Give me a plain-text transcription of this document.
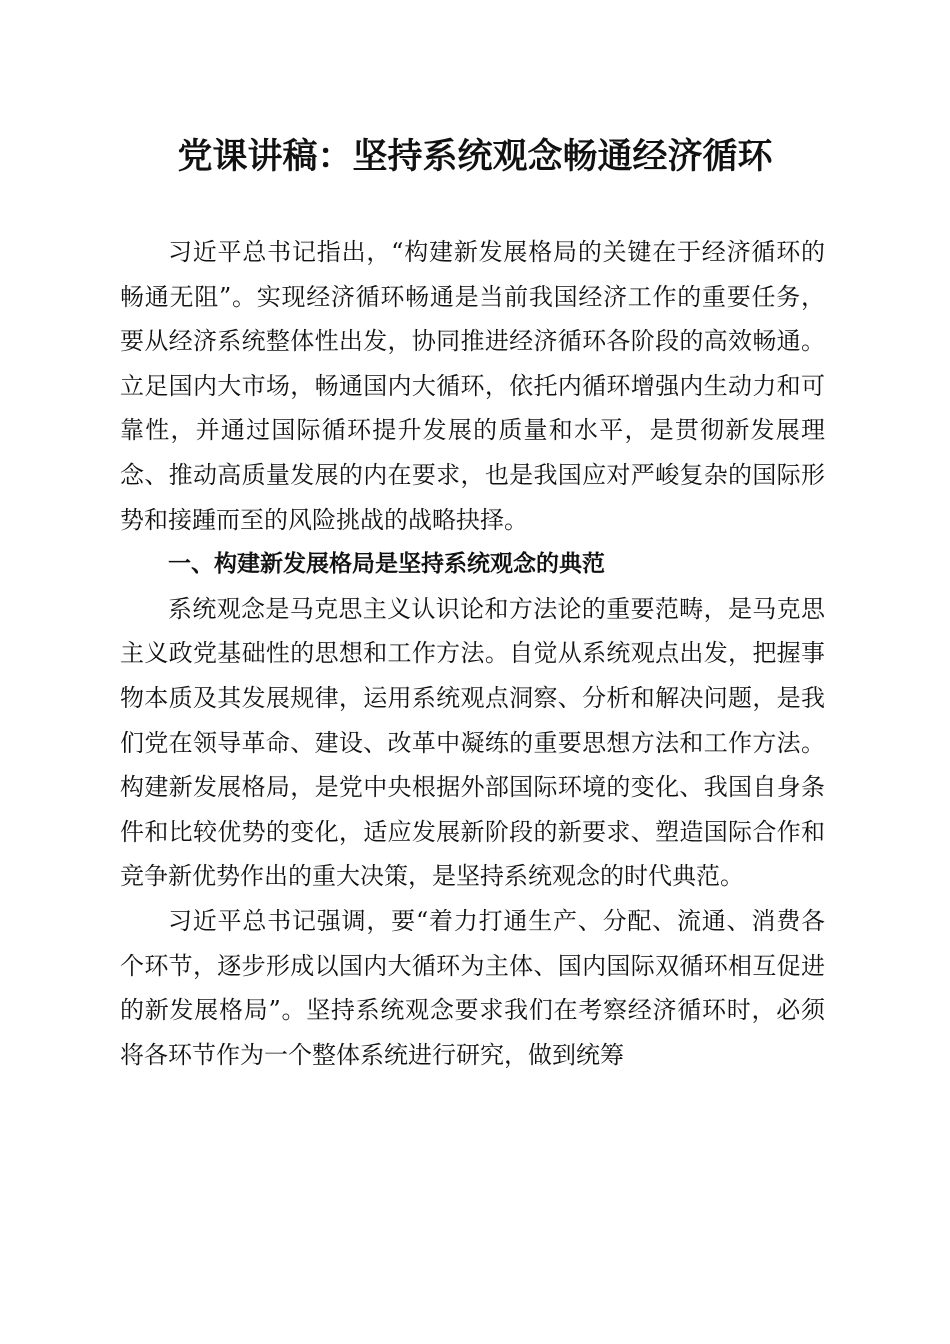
党课讲稿：坚持系统观念畅通经济循环

习近平总书记指出，“构建新发展格局的关键在于经济循环的畅通无阻”。实现经济循环畅通是当前我国经济工作的重要任务，要从经济系统整体性出发，协同推进经济循环各阶段的高效畅通。立足国内大市场，畅通国内大循环，依托内循环增强内生动力和可靠性，并通过国际循环提升发展的质量和水平，是贯彻新发展理念、推动高质量发展的内在要求，也是我国应对严峻复杂的国际形势和接踵而至的风险挑战的战略抉择。

一、构建新发展格局是坚持系统观念的典范

系统观念是马克思主义认识论和方法论的重要范畴，是马克思主义政党基础性的思想和工作方法。自觉从系统观点出发，把握事物本质及其发展规律，运用系统观点洞察、分析和解决问题，是我们党在领导革命、建设、改革中凝练的重要思想方法和工作方法。构建新发展格局，是党中央根据外部国际环境的变化、我国自身条件和比较优势的变化，适应发展新阶段的新要求、塑造国际合作和竞争新优势作出的重大决策，是坚持系统观念的时代典范。

习近平总书记强调，要“着力打通生产、分配、流通、消费各个环节，逐步形成以国内大循环为主体、国内国际双循环相互促进的新发展格局”。坚持系统观念要求我们在考察经济循环时，必须将各环节作为一个整体系统进行研究，做到统筹
